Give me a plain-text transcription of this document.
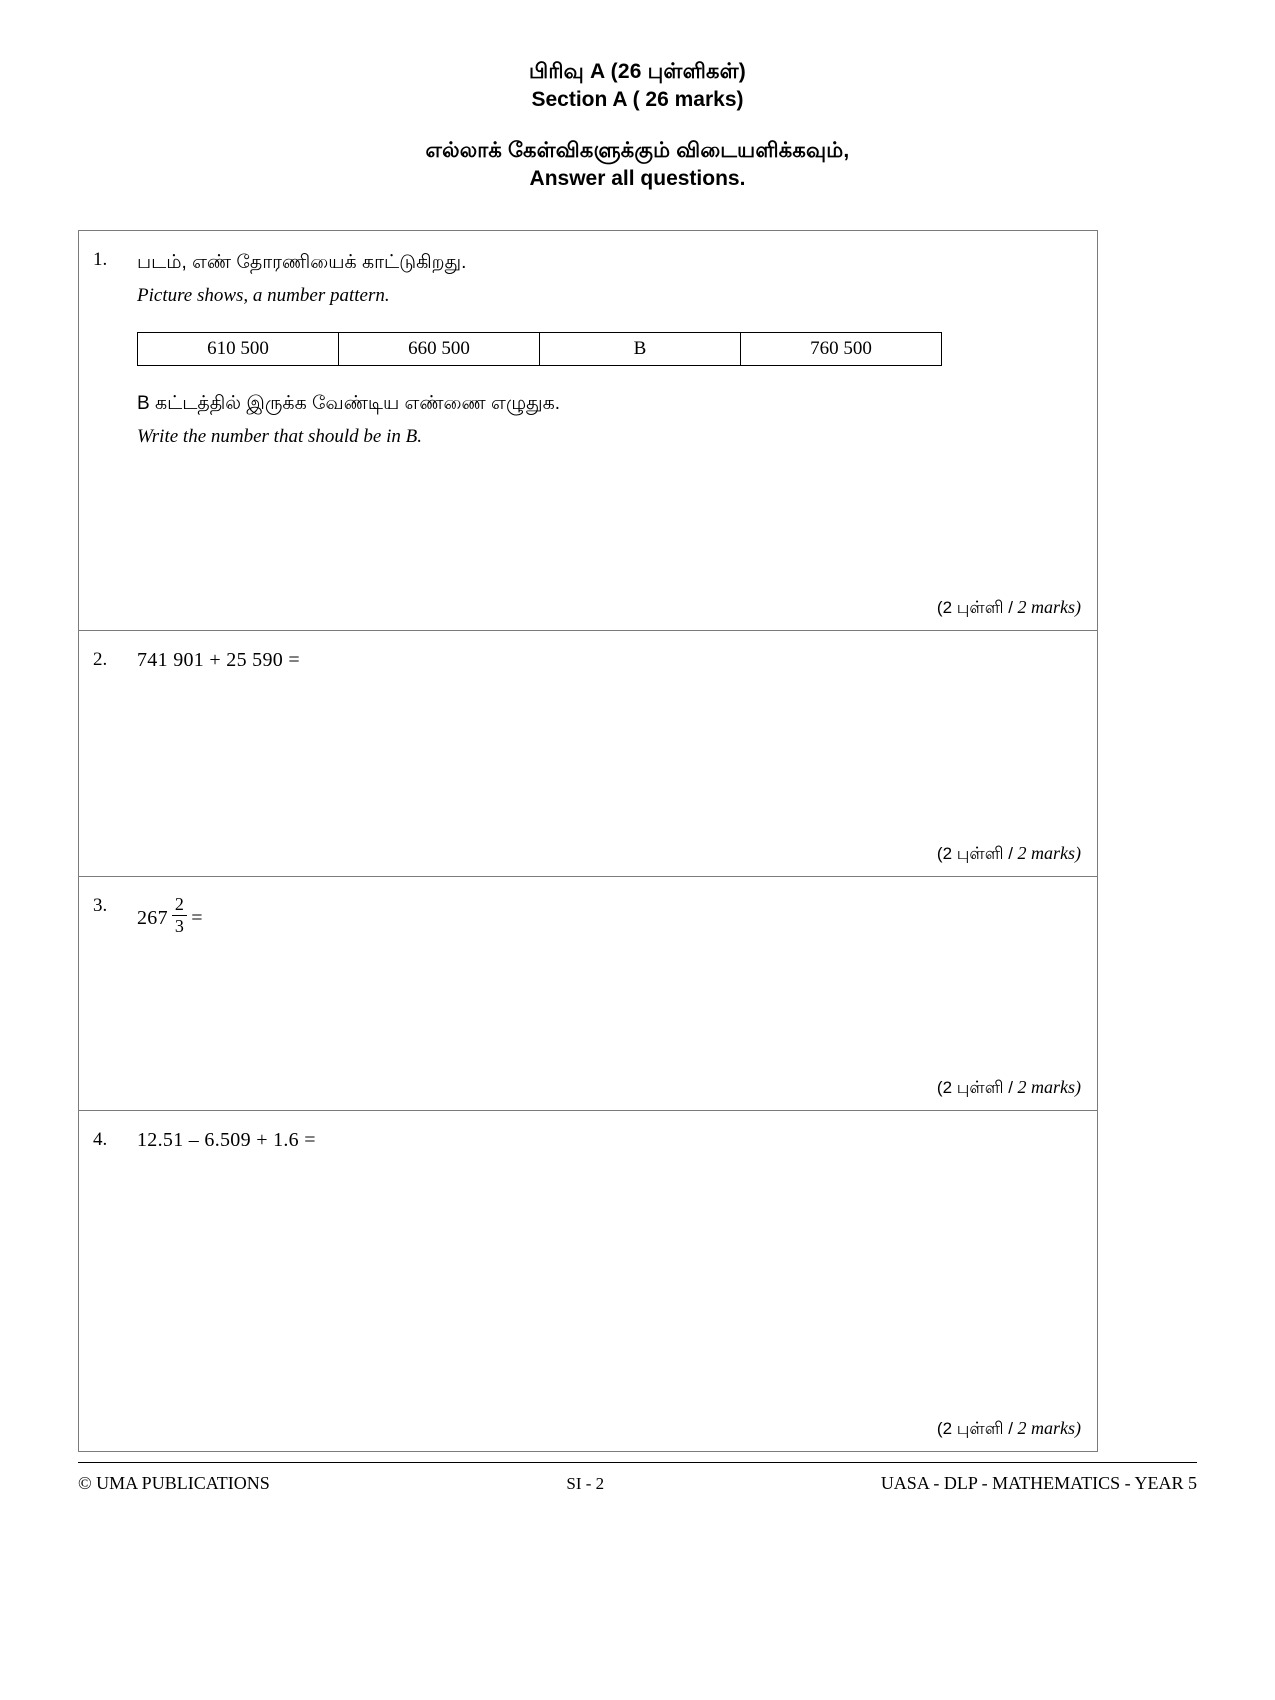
பிரிவு A (26 புள்ளிகள்)
Section A ( 26 marks)
எல்லாக் கேள்விகளுக்கும் விடையளிக்கவும்,
Answer all questions.
1. படம், எண் தோரணியைக் காட்டுகிறது.
Picture shows, a number pattern.
610 500	660 500	B	760 500
B கட்டத்தில் இருக்க வேண்டிய எண்ணை எழுதுக.
Write the number that should be in B.
(2 புள்ளி / 2 marks)
2. 741 901 + 25 590 =
(2 புள்ளி / 2 marks)
3.
$267 \frac{2}{3}$ =
(2 புள்ளி / 2 marks)
4. 12.51 – 6.509 + 1.6 =
(2 புள்ளி / 2 marks)
© UMA PUBLICATIONS	SI - 2	UASA - DLP - MATHEMATICS - YEAR 5
